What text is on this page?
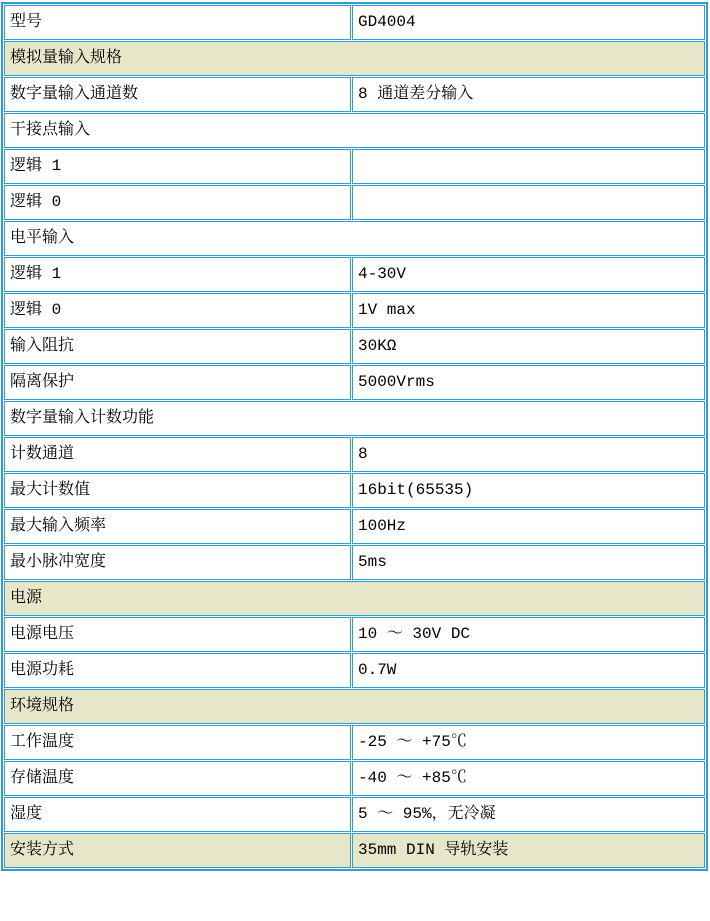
型号	GD4004
模拟量输入规格	
数字量输入通道数	8 通道差分输入
干接点输入	
逻辑 1	
逻辑 0	
电平输入	
逻辑 1	4-30V
逻辑 0	1V max
输入阻抗	30KΩ
隔离保护	5000Vrms
数字量输入计数功能	
计数通道	8
最大计数值	16bit(65535)
最大输入频率	100Hz
最小脉冲宽度	5ms
电源	
电源电压	10 ～ 30V DC
电源功耗	0.7W
环境规格	
工作温度	-25 ～ +75℃
存储温度	-40 ～ +85℃
湿度	5 ～ 95%，无冷凝
安装方式	35mm DIN 导轨安装
